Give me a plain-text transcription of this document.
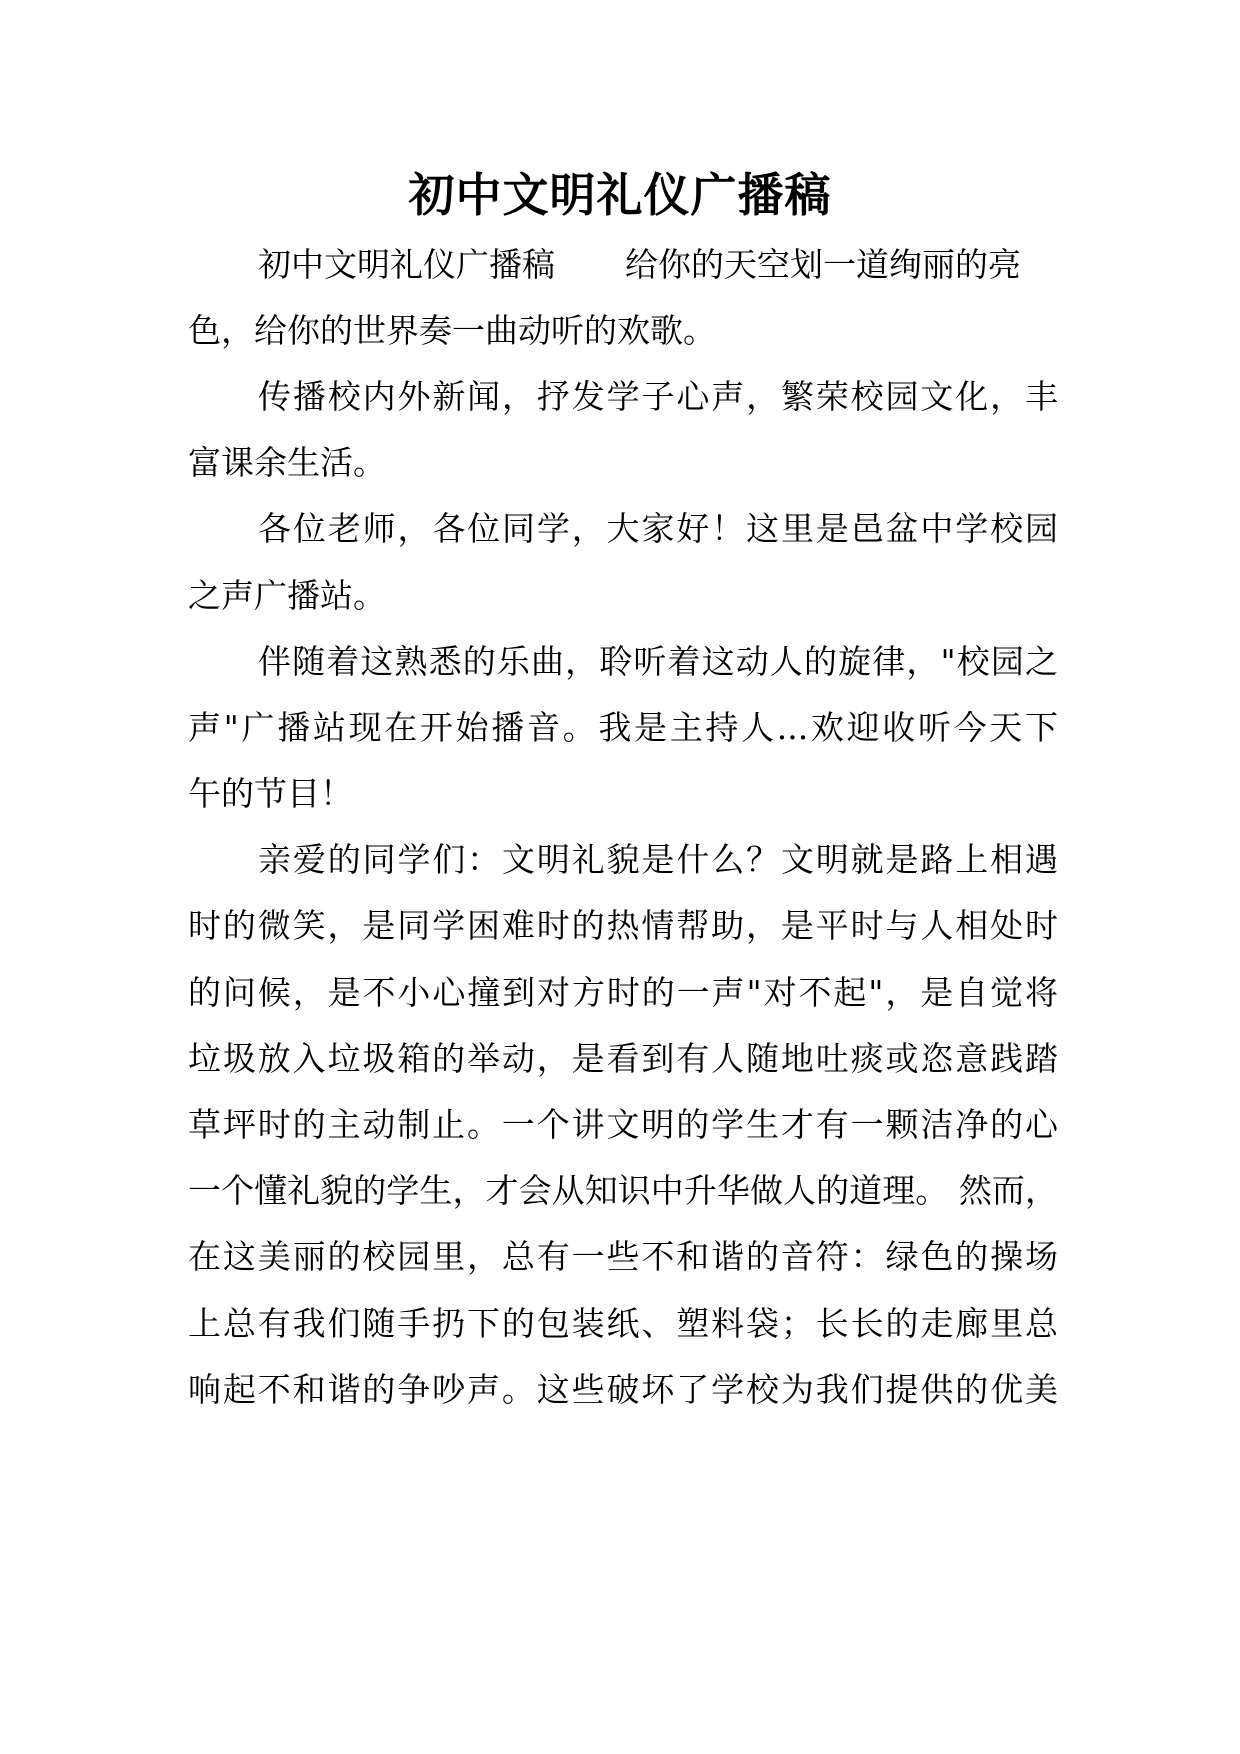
初中文明礼仪广播稿
初中文明礼仪广播稿 给你的天空划一道绚丽的亮
色，给你的世界奏一曲动听的欢歌。
传播校内外新闻，抒发学子心声，繁荣校园文化，丰
富课余生活。
各位老师，各位同学，大家好！这里是邑盆中学校园
之声广播站。
伴随着这熟悉的乐曲，聆听着这动人的旋律，"校园之
声"广播站现在开始播音。我是主持人...欢迎收听今天下
午的节目！
亲爱的同学们：文明礼貌是什么？文明就是路上相遇
时的微笑，是同学困难时的热情帮助，是平时与人相处时
的问候，是不小心撞到对方时的一声"对不起"，是自觉将
垃圾放入垃圾箱的举动，是看到有人随地吐痰或恣意践踏
草坪时的主动制止。一个讲文明的学生才有一颗洁净的心
一个懂礼貌的学生，才会从知识中升华做人的道理。 然而，
在这美丽的校园里，总有一些不和谐的音符：绿色的操场
上总有我们随手扔下的包装纸、塑料袋；长长的走廊里总
响起不和谐的争吵声。这些破坏了学校为我们提供的优美
